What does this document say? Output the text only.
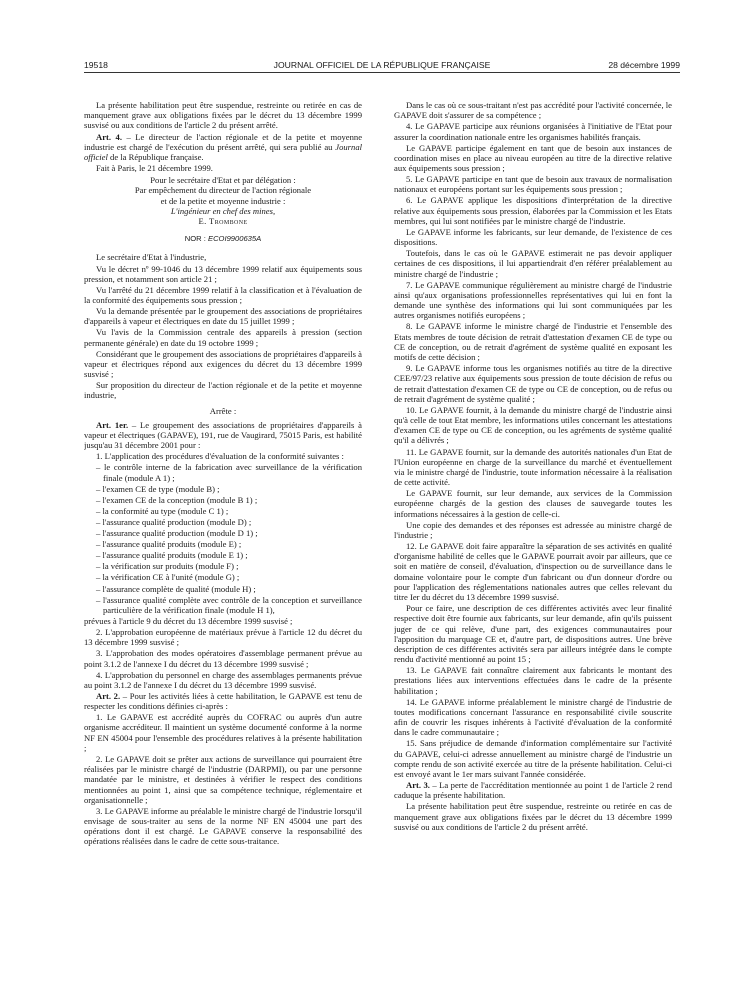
19518	JOURNAL OFFICIEL DE LA RÉPUBLIQUE FRANÇAISE	28 décembre 1999

La présente habilitation peut être suspendue, restreinte ou retirée en cas de manquement grave aux obligations fixées par le décret du 13 décembre 1999 susvisé ou aux conditions de l'article 2 du présent arrêté.

Art. 4. – Le directeur de l'action régionale et de la petite et moyenne industrie est chargé de l'exécution du présent arrêté, qui sera publié au Journal officiel de la République française.

Fait à Paris, le 21 décembre 1999.

Pour le secrétaire d'Etat et par délégation :

Par empêchement du directeur de l'action régionale

et de la petite et moyenne industrie :

L'ingénieur en chef des mines,

E. Trombone

NOR : ECOI9900635A

Le secrétaire d'Etat à l'industrie,

Vu le décret nº 99-1046 du 13 décembre 1999 relatif aux équipements sous pression, et notamment son article 21 ;

Vu l'arrêté du 21 décembre 1999 relatif à la classification et à l'évaluation de la conformité des équipements sous pression ;

Vu la demande présentée par le groupement des associations de propriétaires d'appareils à vapeur et électriques en date du 15 juillet 1999 ;

Vu l'avis de la Commission centrale des appareils à pression (section permanente générale) en date du 19 octobre 1999 ;

Considérant que le groupement des associations de propriétaires d'appareils à vapeur et électriques répond aux exigences du décret du 13 décembre 1999 susvisé ;

Sur proposition du directeur de l'action régionale et de la petite et moyenne industrie,

Arrête :

Art. 1er. – Le groupement des associations de propriétaires d'appareils à vapeur et électriques (GAPAVE), 191, rue de Vaugirard, 75015 Paris, est habilité jusqu'au 31 décembre 2001 pour :

1. L'application des procédures d'évaluation de la conformité suivantes :

– le contrôle interne de la fabrication avec surveillance de la vérification finale (module A 1) ;

– l'examen CE de type (module B) ;

– l'examen CE de la conception (module B 1) ;

– la conformité au type (module C 1) ;

– l'assurance qualité production (module D) ;

– l'assurance qualité production (module D 1) ;

– l'assurance qualité produits (module E) ;

– l'assurance qualité produits (module E 1) ;

– la vérification sur produits (module F) ;

– la vérification CE à l'unité (module G) ;

– l'assurance complète de qualité (module H) ;

– l'assurance qualité complète avec contrôle de la conception et surveillance particulière de la vérification finale (module H 1),

prévues à l'article 9 du décret du 13 décembre 1999 susvisé ;

2. L'approbation européenne de matériaux prévue à l'article 12 du décret du 13 décembre 1999 susvisé ;

3. L'approbation des modes opératoires d'assemblage permanent prévue au point 3.1.2 de l'annexe I du décret du 13 décembre 1999 susvisé ;

4. L'approbation du personnel en charge des assemblages permanents prévue au point 3.1.2 de l'annexe I du décret du 13 décembre 1999 susvisé.

Art. 2. – Pour les activités liées à cette habilitation, le GAPAVE est tenu de respecter les conditions définies ci-après :

1. Le GAPAVE est accrédité auprès du COFRAC ou auprès d'un autre organisme accréditeur. Il maintient un système documenté conforme à la norme NF EN 45004 pour l'ensemble des procédures relatives à la présente habilitation ;

2. Le GAPAVE doit se prêter aux actions de surveillance qui pourraient être réalisées par le ministre chargé de l'industrie (DARPMI), ou par une personne mandatée par le ministre, et destinées à vérifier le respect des conditions mentionnées au point 1, ainsi que sa compétence technique, réglementaire et organisationnelle ;

3. Le GAPAVE informe au préalable le ministre chargé de l'industrie lorsqu'il envisage de sous-traiter au sens de la norme NF EN 45004 une part des opérations dont il est chargé. Le GAPAVE conserve la responsabilité des opérations réalisées dans le cadre de cette sous-traitance.

Dans le cas où ce sous-traitant n'est pas accrédité pour l'activité concernée, le GAPAVE doit s'assurer de sa compétence ;

4. Le GAPAVE participe aux réunions organisées à l'initiative de l'Etat pour assurer la coordination nationale entre les organismes habilités français.

Le GAPAVE participe également en tant que de besoin aux instances de coordination mises en place au niveau européen au titre de la directive relative aux équipements sous pression ;

5. Le GAPAVE participe en tant que de besoin aux travaux de normalisation nationaux et européens portant sur les équipements sous pression ;

6. Le GAPAVE applique les dispositions d'interprétation de la directive relative aux équipements sous pression, élaborées par la Commission et les Etats membres, qui lui sont notifiées par le ministre chargé de l'industrie.

Le GAPAVE informe les fabricants, sur leur demande, de l'existence de ces dispositions.

Toutefois, dans le cas où le GAPAVE estimerait ne pas devoir appliquer certaines de ces dispositions, il lui appartiendrait d'en référer préalablement au ministre chargé de l'industrie ;

7. Le GAPAVE communique régulièrement au ministre chargé de l'industrie ainsi qu'aux organisations professionnelles représentatives qui lui en font la demande une synthèse des informations qui lui sont communiquées par les autres organismes notifiés européens ;

8. Le GAPAVE informe le ministre chargé de l'industrie et l'ensemble des Etats membres de toute décision de retrait d'attestation d'examen CE de type ou CE de conception, ou de retrait d'agrément de système qualité en exposant les motifs de cette décision ;

9. Le GAPAVE informe tous les organismes notifiés au titre de la directive CEE/97/23 relative aux équipements sous pression de toute décision de refus ou de retrait d'attestation d'examen CE de type ou CE de conception, ou de refus ou de retrait d'agrément de système qualité ;

10. Le GAPAVE fournit, à la demande du ministre chargé de l'industrie ainsi qu'à celle de tout Etat membre, les informations utiles concernant les attestations d'examen CE de type ou CE de conception, ou les agréments de système qualité qu'il a délivrés ;

11. Le GAPAVE fournit, sur la demande des autorités nationales d'un Etat de l'Union européenne en charge de la surveillance du marché et éventuellement via le ministre chargé de l'industrie, toute information nécessaire à la réalisation de cette activité.

Le GAPAVE fournit, sur leur demande, aux services de la Commission européenne chargés de la gestion des clauses de sauvegarde toutes les informations nécessaires à la gestion de celle-ci.

Une copie des demandes et des réponses est adressée au ministre chargé de l'industrie ;

12. Le GAPAVE doit faire apparaître la séparation de ses activités en qualité d'organisme habilité de celles que le GAPAVE pourrait avoir par ailleurs, que ce soit en matière de conseil, d'évaluation, d'inspection ou de surveillance dans le domaine volontaire pour le compte d'un fabricant ou d'un donneur d'ordre ou pour l'application des réglementations nationales autres que celles relevant du titre Ier du décret du 13 décembre 1999 susvisé.

Pour ce faire, une description de ces différentes activités avec leur finalité respective doit être fournie aux fabricants, sur leur demande, afin qu'ils puissent juger de ce qui relève, d'une part, des exigences communautaires pour l'apposition du marquage CE et, d'autre part, de dispositions autres. Une brève description de ces différentes activités sera par ailleurs intégrée dans le compte rendu d'activité mentionné au point 15 ;

13. Le GAPAVE fait connaître clairement aux fabricants le montant des prestations liées aux interventions effectuées dans le cadre de la présente habilitation ;

14. Le GAPAVE informe préalablement le ministre chargé de l'industrie de toutes modifications concernant l'assurance en responsabilité civile souscrite afin de couvrir les risques inhérents à l'activité d'évaluation de la conformité dans le cadre communautaire ;

15. Sans préjudice de demande d'information complémentaire sur l'activité du GAPAVE, celui-ci adresse annuellement au ministre chargé de l'industrie un compte rendu de son activité exercée au titre de la présente habilitation. Celui-ci est envoyé avant le 1er mars suivant l'année considérée.

Art. 3. – La perte de l'accréditation mentionnée au point 1 de l'article 2 rend caduque la présente habilitation.

La présente habilitation peut être suspendue, restreinte ou retirée en cas de manquement grave aux obligations fixées par le décret du 13 décembre 1999 susvisé ou aux conditions de l'article 2 du présent arrêté.
